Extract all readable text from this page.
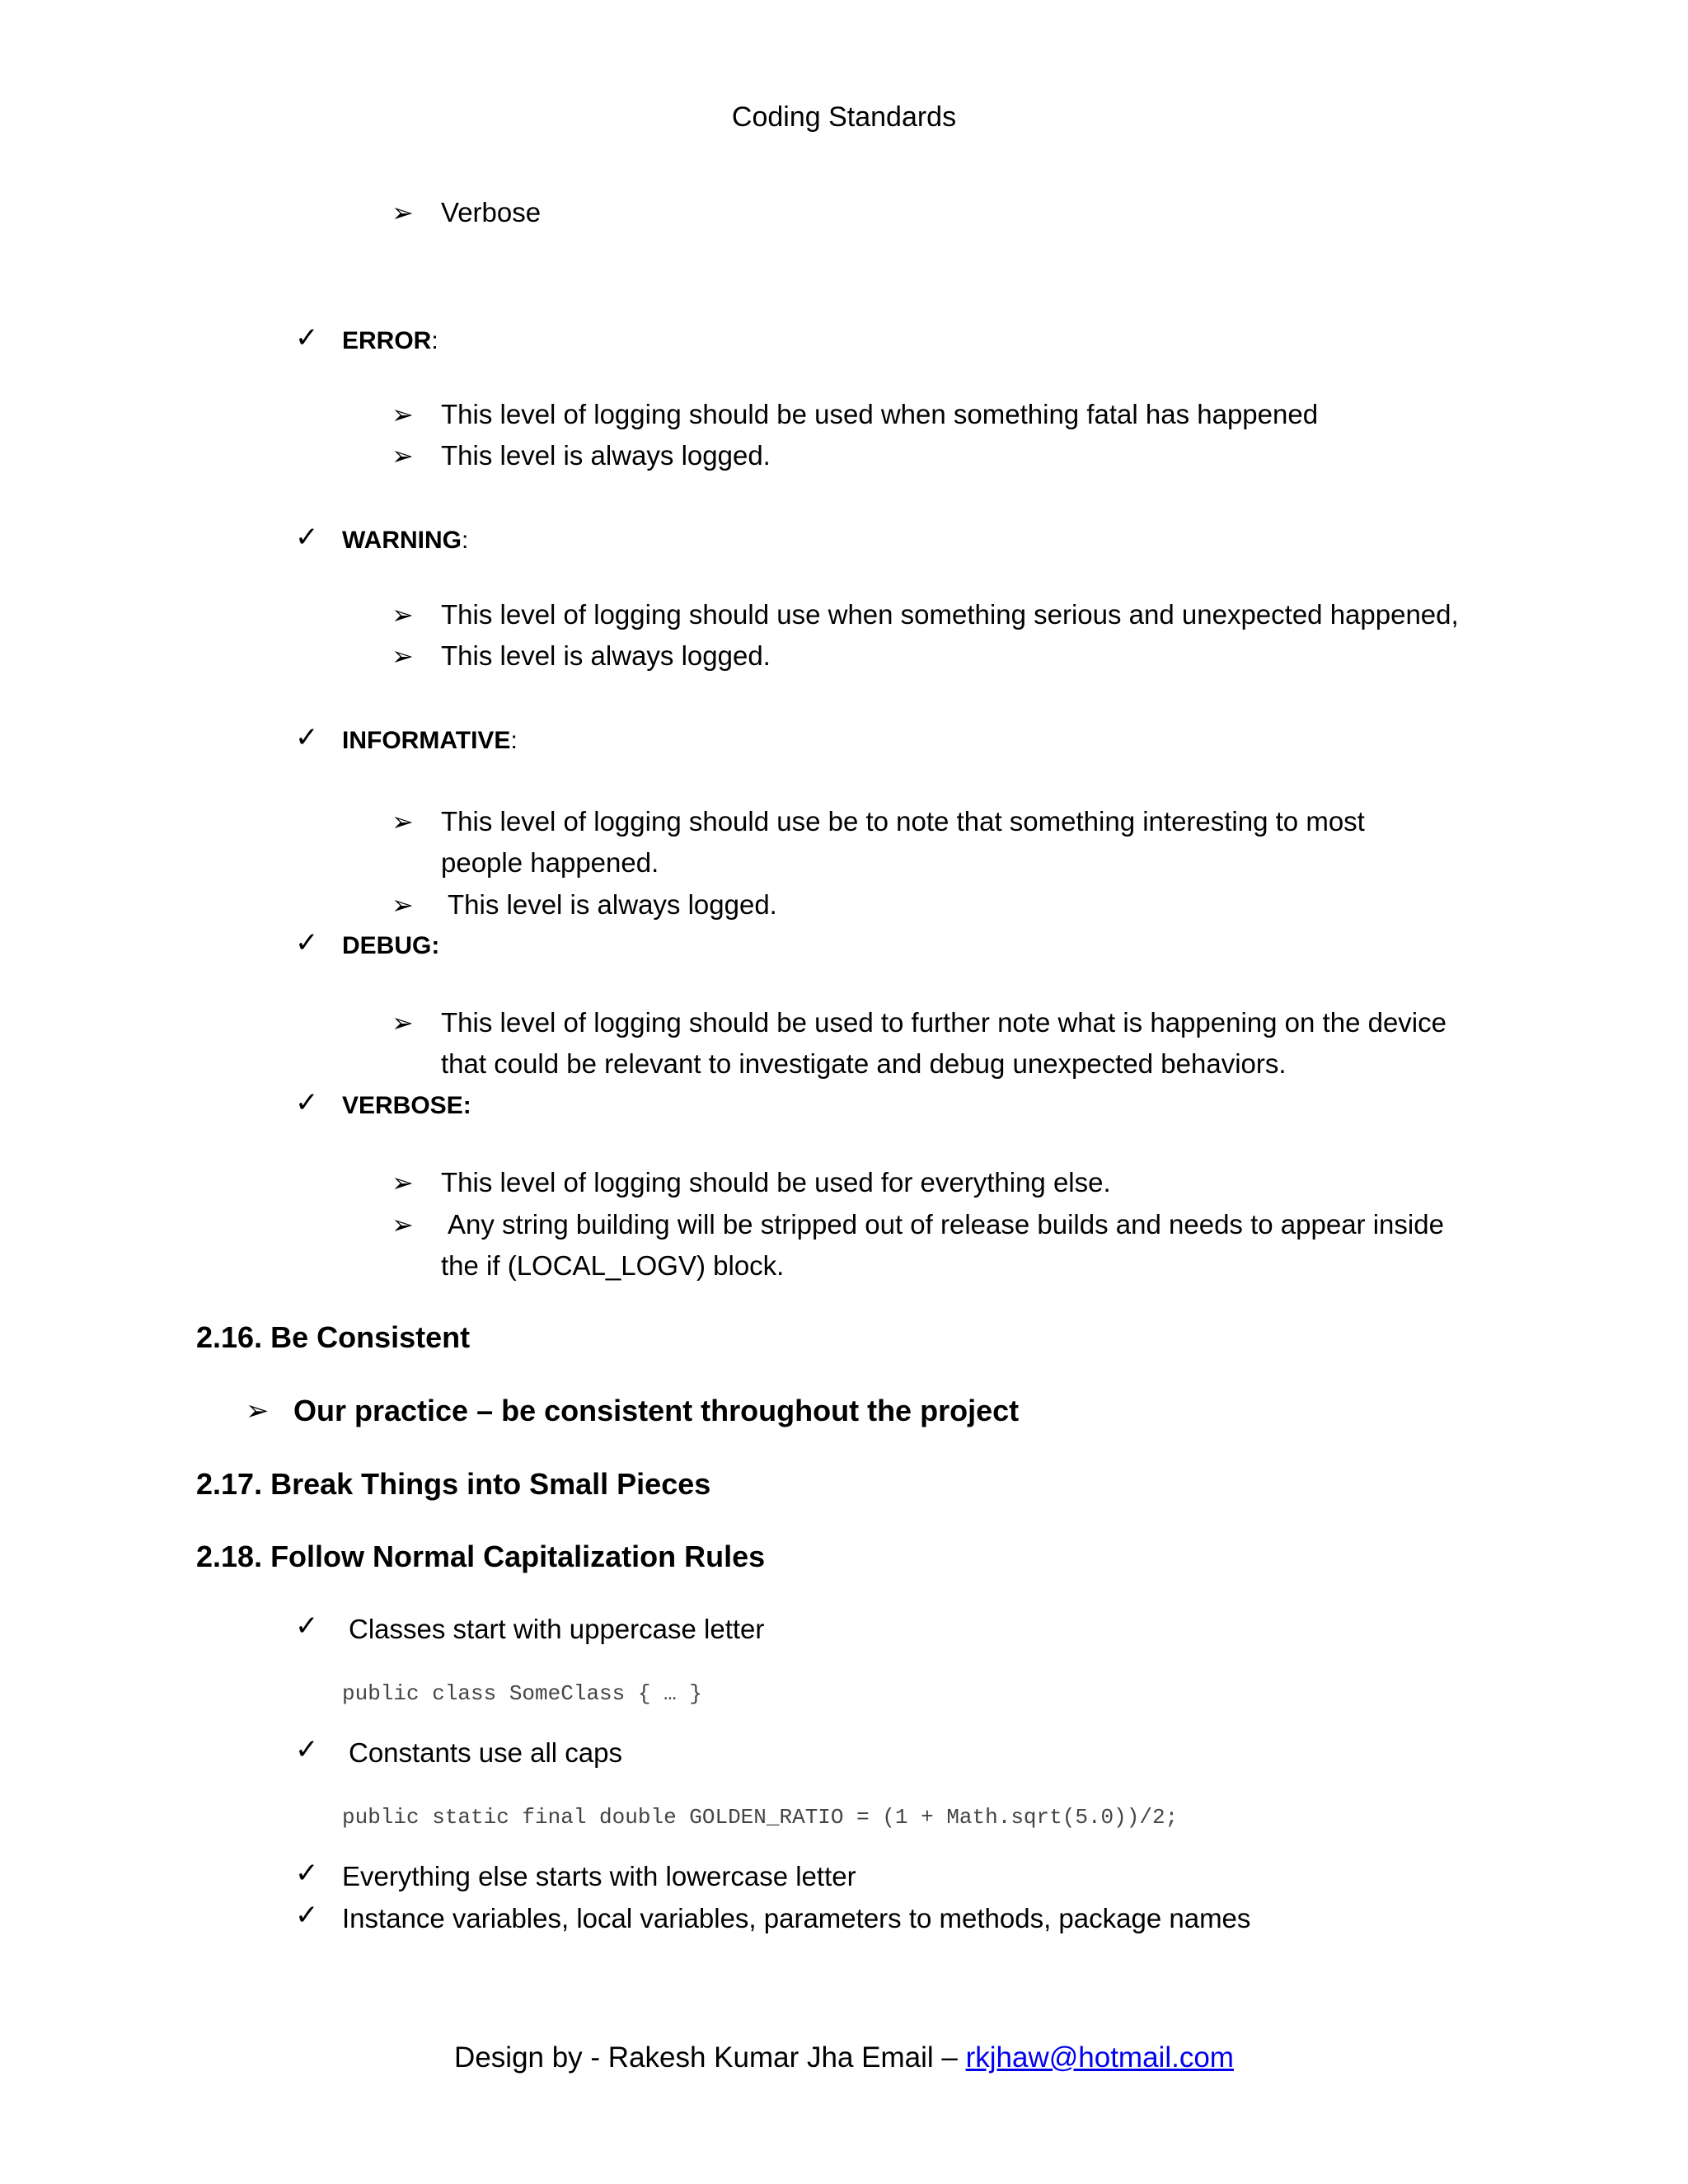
Coding Standards
➢ Verbose
✓ ERROR:
➢ This level of logging should be used when something fatal has happened
➢ This level is always logged.
✓ WARNING:
➢ This level of logging should use when something serious and unexpected happened,
➢ This level is always logged.
✓ INFORMATIVE:
➢ This level of logging should use be to note that something interesting to most
people happened.
➢ This level is always logged.
✓ DEBUG:
➢ This level of logging should be used to further note what is happening on the device
that could be relevant to investigate and debug unexpected behaviors.
✓ VERBOSE:
➢ This level of logging should be used for everything else.
➢ Any string building will be stripped out of release builds and needs to appear inside
the if (LOCAL_LOGV) block.
2.16. Be Consistent
➢ Our practice – be consistent throughout the project
2.17. Break Things into Small Pieces
2.18. Follow Normal Capitalization Rules
✓ Classes start with uppercase letter
public class SomeClass { … }
✓ Constants use all caps
public static final double GOLDEN_RATIO = (1 + Math.sqrt(5.0))/2;
✓ Everything else starts with lowercase letter
✓ Instance variables, local variables, parameters to methods, package names
Design by - Rakesh Kumar Jha Email – rkjhaw@hotmail.com
